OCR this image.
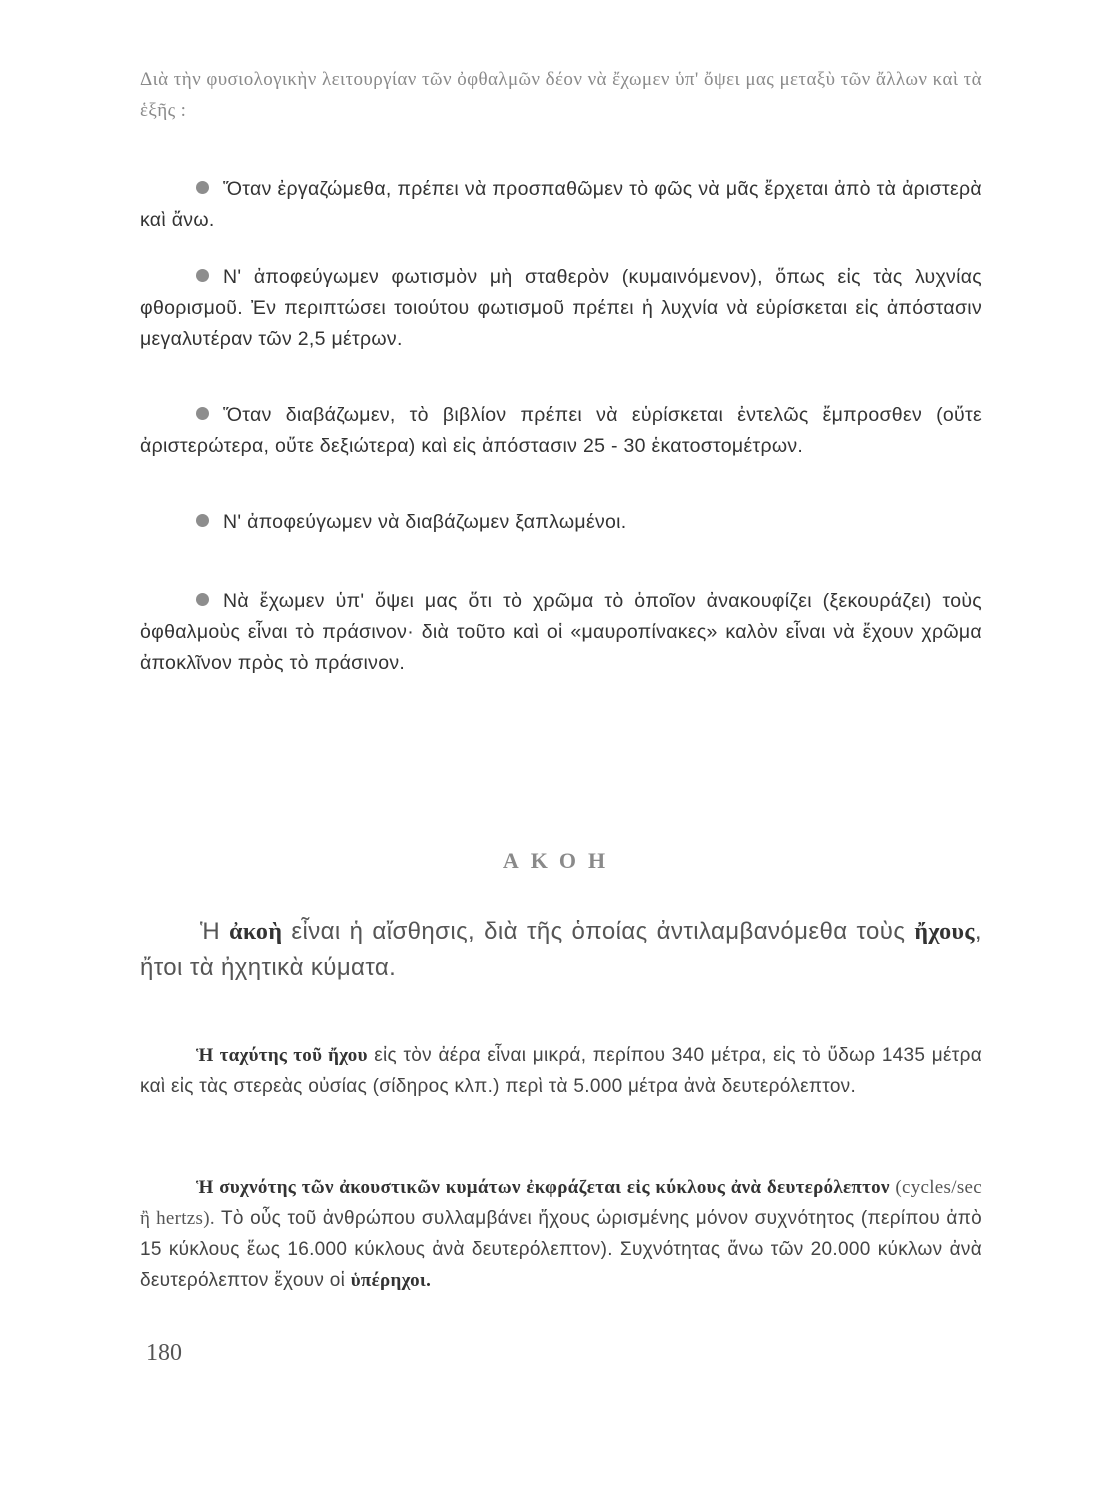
Διὰ τὴν φυσιολογικὴν λειτουργίαν τῶν ὀφθαλμῶν δέον νὰ ἔχωμεν ὑπ' ὄψει μας μεταξὺ τῶν ἄλλων καὶ τὰ ἑξῆς :

Ὅταν ἐργαζώμεθα, πρέπει νὰ προσπαθῶμεν τὸ φῶς νὰ μᾶς ἔρχεται ἀπὸ τὰ ἀριστερὰ καὶ ἄνω.

Ν' ἀποφεύγωμεν φωτισμὸν μὴ σταθερὸν (κυμαινόμενον), ὅπως εἰς τὰς λυχνίας φθορισμοῦ. Ἐν περιπτώσει τοιούτου φωτισμοῦ πρέπει ἡ λυχνία νὰ εὑρίσκεται εἰς ἀπόστασιν μεγαλυτέραν τῶν 2,5 μέτρων.

Ὅταν διαβάζωμεν, τὸ βιβλίον πρέπει νὰ εὑρίσκεται ἐντελῶς ἔμπροσθεν (οὔτε ἀριστερώτερα, οὔτε δεξιώτερα) καὶ εἰς ἀπόστασιν 25 - 30 ἑκατοστομέτρων.

Ν' ἀποφεύγωμεν νὰ διαβάζωμεν ξαπλωμένοι.

Νὰ ἔχωμεν ὑπ' ὄψει μας ὅτι τὸ χρῶμα τὸ ὁποῖον ἀνακουφίζει (ξεκουράζει) τοὺς ὀφθαλμοὺς εἶναι τὸ πράσινον· διὰ τοῦτο καὶ οἱ «μαυροπίνακες» καλὸν εἶναι νὰ ἔχουν χρῶμα ἀποκλῖνον πρὸς τὸ πράσινον.

ΑΚΟΗ

Ἡ ἀκοὴ εἶναι ἡ αἴσθησις, διὰ τῆς ὁποίας ἀντιλαμβανόμεθα τοὺς ἤχους, ἤτοι τὰ ἠχητικὰ κύματα.

Ἡ ταχύτης τοῦ ἤχου εἰς τὸν ἀέρα εἶναι μικρά, περίπου 340 μέτρα, εἰς τὸ ὕδωρ 1435 μέτρα καὶ εἰς τὰς στερεὰς οὐσίας (σίδηρος κλπ.) περὶ τὰ 5.000 μέτρα ἀνὰ δευτερόλεπτον.

Ἡ συχνότης τῶν ἀκουστικῶν κυμάτων ἐκφράζεται εἰς κύκλους ἀνὰ δευτερόλεπτον (cycles/sec ἢ hertzs). Τὸ οὖς τοῦ ἀνθρώπου συλλαμβάνει ἤχους ὡρισμένης μόνον συχνότητος (περίπου ἀπὸ 15 κύκλους ἕως 16.000 κύκλους ἀνὰ δευτερόλεπτον). Συχνότητας ἄνω τῶν 20.000 κύκλων ἀνὰ δευτερόλεπτον ἔχουν οἱ ὑπέρηχοι.

180
